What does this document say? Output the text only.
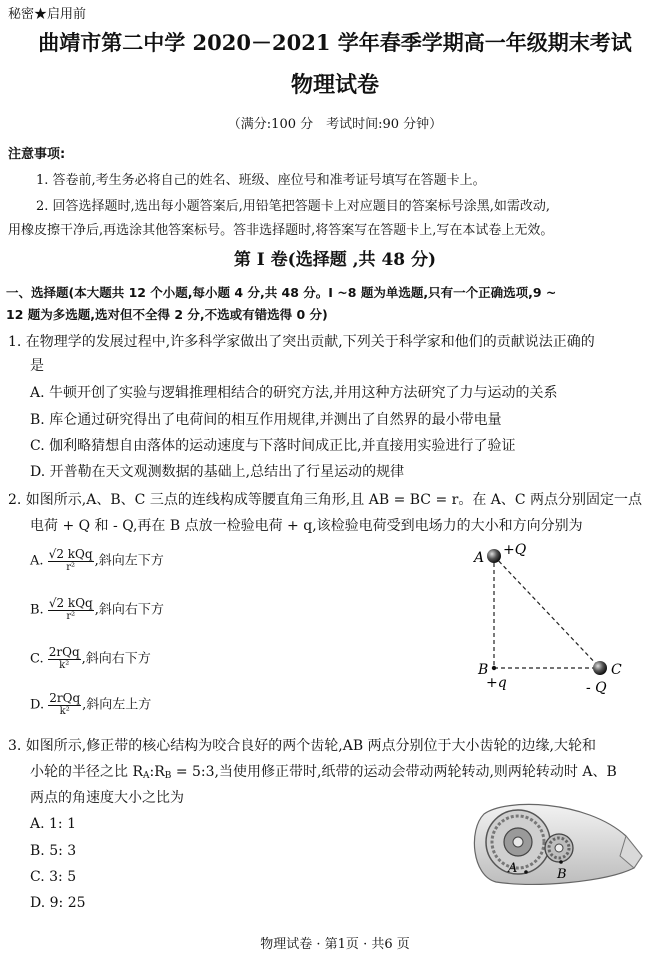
秘密★启用前
曲靖市第二中学 2020－2021 学年春季学期高一年级期末考试
物理试卷
（满分:100 分　考试时间:90 分钟）
注意事项:
1. 答卷前,考生务必将自己的姓名、班级、座位号和准考证号填写在答题卡上。
2. 回答选择题时,选出每小题答案后,用铅笔把答题卡上对应题目的答案标号涂黑,如需改动,
用橡皮擦干净后,再选涂其他答案标号。答非选择题时,将答案写在答题卡上,写在本试卷上无效。
第 I 卷(选择题 ,共 48 分)
一、选择题(本大题共 12 个小题,每小题 4 分,共 48 分。I ~8 题为单选题,只有一个正确选项,9 ~
12 题为多选题,选对但不全得 2 分,不选或有错选得 0 分)
1. 在物理学的发展过程中,许多科学家做出了突出贡献,下列关于科学家和他们的贡献说法正确的
是
A. 牛顿开创了实验与逻辑推理相结合的研究方法,并用这种方法研究了力与运动的关系
B. 库仑通过研究得出了电荷间的相互作用规律,并测出了自然界的最小带电量
C. 伽利略猜想自由落体的运动速度与下落时间成正比,并直接用实验进行了验证
D. 开普勒在天文观测数据的基础上,总结出了行星运动的规律
2. 如图所示,A、B、C 三点的连线构成等腰直角三角形,且 AB = BC = r。在 A、C 两点分别固定一点
电荷 + Q 和 - Q,再在 B 点放一检验电荷 + q,该检验电荷受到电场力的大小和方向分别为
A. $\frac{\text{√2 kQq}}{\text{r²}}$ ,斜向左下方
B. $\frac{\text{√2 kQq}}{\text{r²}}$ ,斜向右下方
C. $\frac{\text{2rQq}}{\text{k²}}$ ,斜向右下方
D. $\frac{\text{2rQq}}{\text{k²}}$ ,斜向左上方
A +Q
B
+q
C
- Q
3. 如图所示,修正带的核心结构为咬合良好的两个齿轮,AB 两点分别位于大小齿轮的边缘,大轮和
小轮的半径之比 $R_A:R_B$ = 5:3,当使用修正带时,纸带的运动会带动两轮转动,则两轮转动时 A、B
两点的角速度大小之比为
A. 1: 1
B. 5: 3
C. 3: 5
D. 9: 25
A	B
物理试卷 · 第1页 · 共6 页
